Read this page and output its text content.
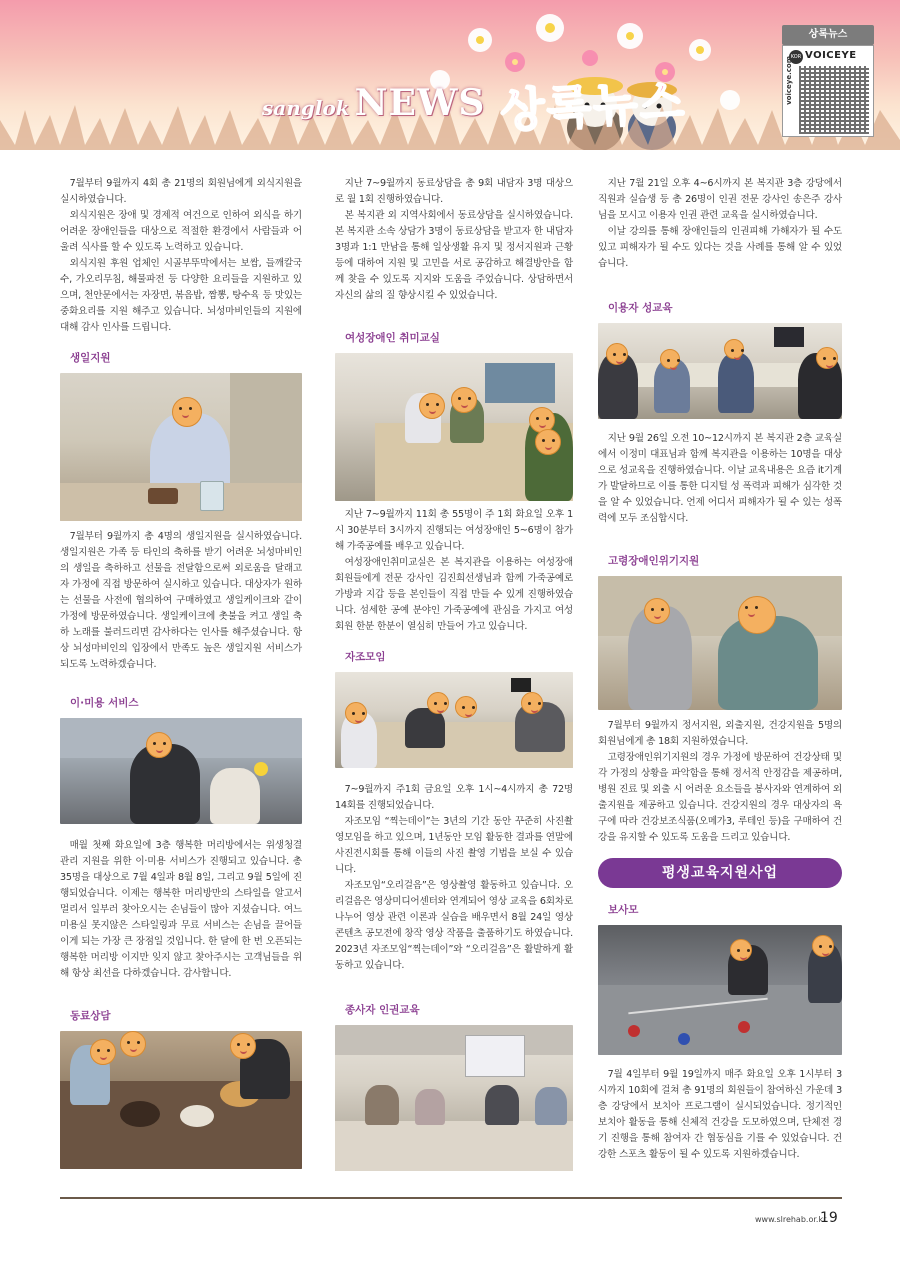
sanglok NEWS 상록뉴스
상록뉴스
KOR VOICEYE
voiceye.com

7월부터 9월까지 4회 총 21명의 회원님에게 외식지원을 실시하였습니다.

외식지원은 장애 및 경제적 여건으로 인하여 외식을 하기 어려운 장애인들을 대상으로 적절한 환경에서 사람들과 어울려 식사를 할 수 있도록 노력하고 있습니다.

외식지원 후원 업체인 시골부뚜막에서는 보쌈, 들깨칼국수, 가오리무침, 해물파전 등 다양한 요리들을 지원하고 있으며, 천안문에서는 자장면, 볶음밥, 짬뽕, 탕수육 등 맛있는 중화요리를 지원 해주고 있습니다. 뇌성마비인들의 지원에 대해 감사 인사를 드립니다.

생일지원

7월부터 9월까지 총 4명의 생일지원을 실시하였습니다. 생일지원은 가족 등 타인의 축하를 받기 어려운 뇌성마비인의 생일을 축하하고 선물을 전달함으로써 외로움을 달래고자 가정에 직접 방문하여 실시하고 있습니다. 대상자가 원하는 선물을 사전에 협의하여 구매하였고 생일케이크와 같이 가정에 방문하였습니다. 생일케이크에 촛불을 켜고 생일 축하 노래를 불러드리면 감사하다는 인사를 해주셨습니다. 항상 뇌성마비인의 입장에서 만족도 높은 생일지원 서비스가 되도록 노력하겠습니다.

이·미용 서비스

매월 첫째 화요일에 3층 행복한 머리방에서는 위생청결 관리 지원을 위한 이·미용 서비스가 진행되고 있습니다. 총 35명을 대상으로 7월 4일과 8월 8일, 그리고 9월 5일에 진행되었습니다. 이제는 행복한 머리방만의 스타일을 알고서 멀리서 일부러 찾아오시는 손님들이 많아 지셨습니다. 여느 미용실 못지않은 스타일링과 무료 서비스는 손님을 끌어들이게 되는 가장 큰 장점일 것입니다. 한 달에 한 번 오픈되는 행복한 머리방 이지만 잊지 않고 찾아주시는 고객님들을 위해 항상 최선을 다하겠습니다. 감사합니다.

동료상담

지난 7~9월까지 동료상담을 총 9회 내담자 3명 대상으로 월 1회 진행하였습니다.

본 복지관 외 지역사회에서 동료상담을 실시하였습니다. 본 복지관 소속 상담가 3명이 동료상담을 받고자 한 내담자 3명과 1:1 만남을 통해 일상생활 유지 및 정서지원과 근황 등에 대하여 지원 및 고민을 서로 공감하고 해결방안을 함께 찾을 수 있도록 지지와 도움을 주었습니다. 상담하면서 자신의 삶의 질 향상시킬 수 있었습니다.

여성장애인 취미교실

지난 7~9월까지 11회 총 55명이 주 1회 화요일 오후 1시 30분부터 3시까지 진행되는 여성장애인 5~6명이 참가해 가죽공예를 배우고 있습니다.

여성장애인취미교실은 본 복지관을 이용하는 여성장애 회원들에게 전문 강사인 김진희선생님과 함께 가죽공예로 가방과 지갑 등을 본인들이 직접 만들 수 있게 진행하였습니다. 섬세한 공예 분야인 가죽공예에 관심을 가지고 여성회원 한분 한분이 열심히 만들어 가고 있습니다.

자조모임

7~9월까지 주1회 금요일 오후 1시~4시까지 총 72명 14회를 진행되었습니다.

자조모임 “찍는데이”는 3년의 기간 동안 꾸준히 사진촬영모임을 하고 있으며, 1년동안 모임 활동한 결과를 연말에 사진전시회를 통해 이들의 사진 촬영 기법을 보실 수 있습니다.

자조모임“오리걸음”은 영상촬영 활동하고 있습니다. 오리걸음은 영상미디어센터와 연계되어 영상 교육을 6회차로 나누어 영상 관련 이론과 실습을 배우면서 8월 24일 영상콘텐츠 공모전에 창작 영상 작품을 출품하기도 하였습니다. 2023년 자조모임“찍는데이”와 “오리걸음”은 활발하게 활동하고 있습니다.

종사자 인권교육

지난 7월 21일 오후 4~6시까지 본 복지관 3층 강당에서 직원과 실습생 등 총 26명이 인권 전문 강사인 송은주 강사님을 모시고 이용자 인권 관련 교육을 실시하였습니다.

이날 강의를 통해 장애인들의 인권피해 가해자가 될 수도 있고 피해자가 될 수도 있다는 것을 사례를 통해 알 수 있었습니다.

이용자 성교육

지난 9월 26일 오전 10~12시까지 본 복지관 2층 교육실에서 이정미 대표님과 함께 복지관을 이용하는 10명을 대상으로 성교육을 진행하였습니다. 이날 교육내용은 요즘 it기계가 발달하므로 이를 통한 디지털 성 폭력과 피해가 심각한 것을 알 수 있었습니다. 언제 어디서 피해자가 될 수 있는 성폭력에 모두 조심합시다.

고령장애인위기지원

7월부터 9월까지 정서지원, 외출지원, 건강지원을 5명의 회원님에게 총 18회 지원하였습니다.

고령장애인위기지원의 경우 가정에 방문하여 건강상태 및 각 가정의 상황을 파악함을 통해 정서적 안정감을 제공하며, 병원 진료 및 외출 시 어려운 요소들을 봉사자와 연계하여 외출지원을 제공하고 있습니다. 건강지원의 경우 대상자의 욕구에 따라 건강보조식품(오메가3, 루테인 등)을 구매하여 건강을 유지할 수 있도록 도움을 드리고 있습니다.

평생교육지원사업
보사모

7월 4일부터 9월 19일까지 매주 화요일 오후 1시부터 3시까지 10회에 걸쳐 총 91명의 회원들이 참여하신 가운데 3층 강당에서 보치아 프로그램이 실시되었습니다. 정기적인 보치아 활동을 통해 신체적 건강을 도모하였으며, 단체전 경기 진행을 통해 참여자 간 협동심을 기를 수 있었습니다. 건강한 스포츠 활동이 될 수 있도록 지원하겠습니다.

www.slrehab.or.kr
19
